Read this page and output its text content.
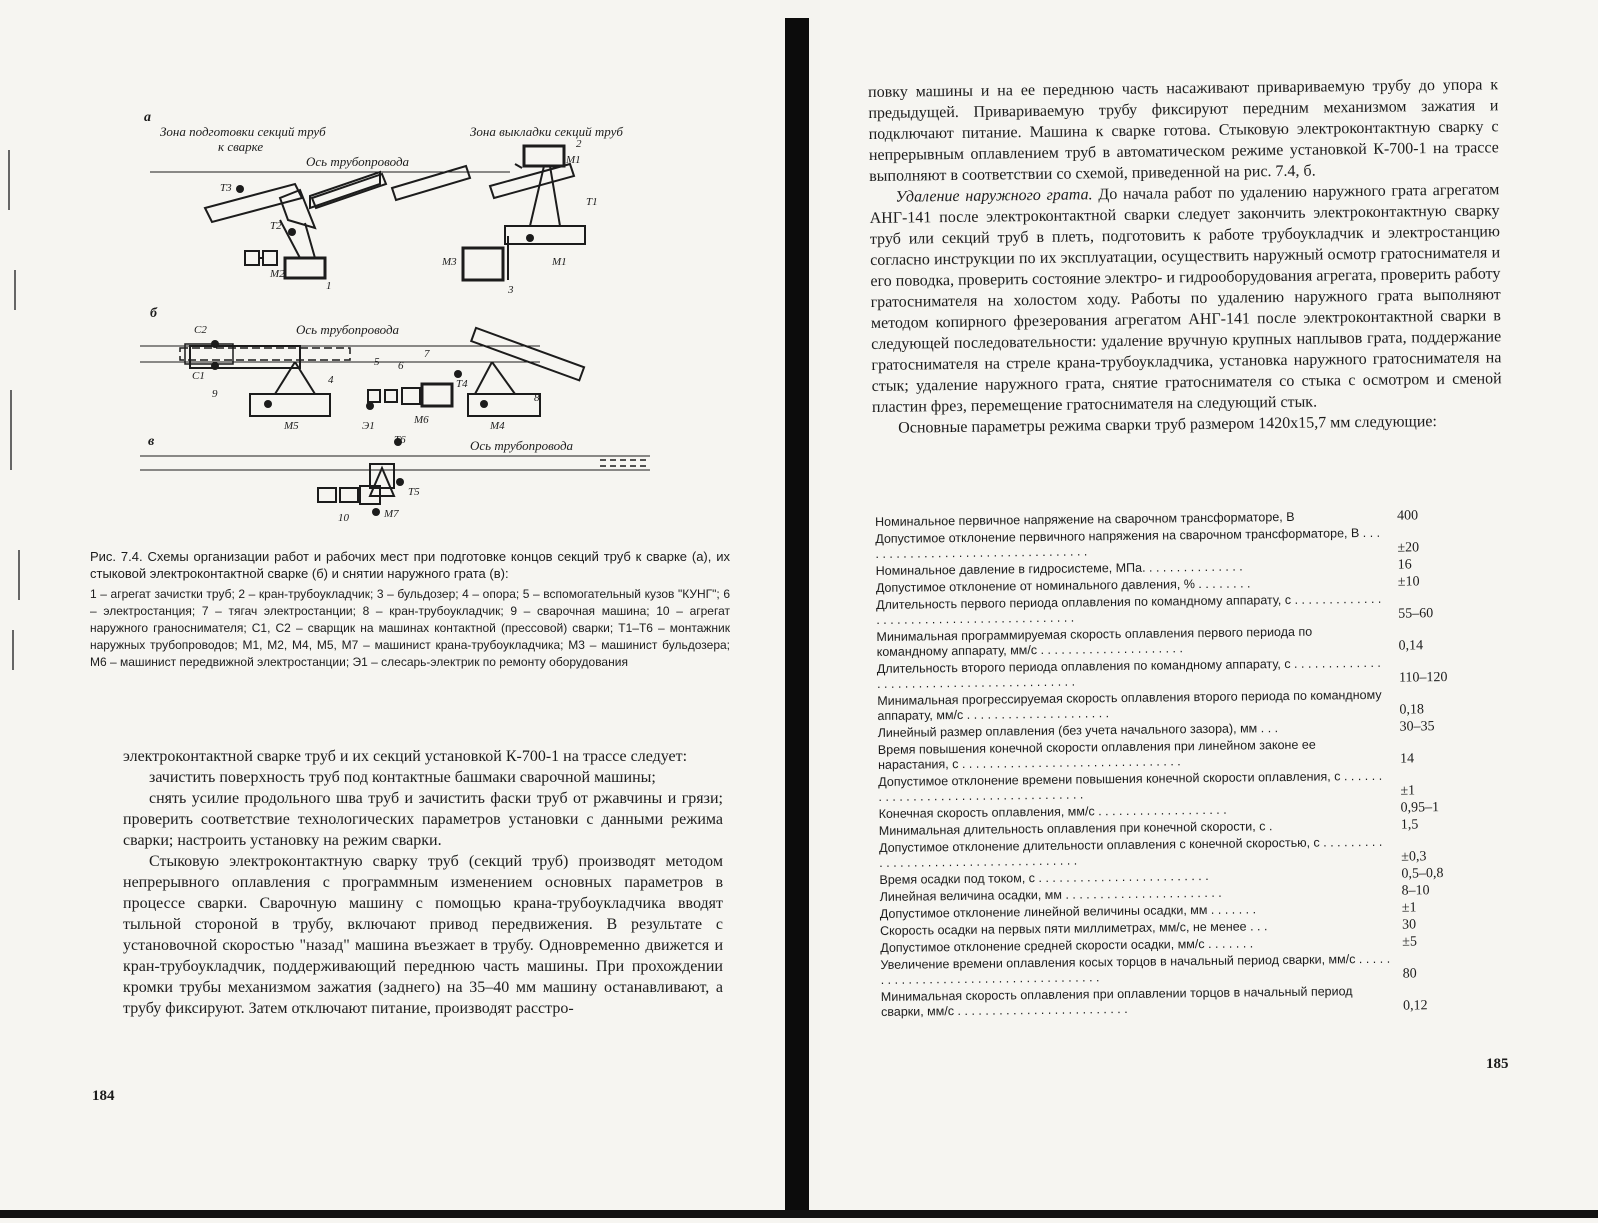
а
Зона подготовки секций труб
к сварке
Зона выкладки секций труб
Ось трубопровода
Т3
Т2
М2
1
Т1
М3	М1
2
М1
3
б
Ось трубопровода
С2
С1
9
4
5 6
7
Т4
8
М5	Э1	М6	М4
в	Ось трубопровода
Т6
Т5
10	М7
Рис. 7.4. Схемы организации работ и рабочих мест при подготовке концов секций труб к сварке (а), их стыковой электроконтактной сварке (б) и снятии наружного грата (в):
1 – агрегат зачистки труб; 2 – кран-трубоукладчик; 3 – бульдозер; 4 – опора; 5 – вспомогательный кузов "КУНГ"; 6 – электростанция; 7 – тягач электростанции; 8 – кран-трубоукладчик; 9 – сварочная машина; 10 – агрегат наружного граноснимателя; С1, С2 – сварщик на машинах контактной (прессовой) сварки; Т1–Т6 – монтажник наружных трубопроводов; М1, М2, М4, М5, М7 – машинист крана-трубоукладчика; М3 – машинист бульдозера; М6 – машинист передвижной электростанции; Э1 – слесарь-электрик по ремонту оборудования

электроконтактной сварке труб и их секций установкой К-700-1 на трассе следует:

зачистить поверхность труб под контактные башмаки сварочной машины;

снять усилие продольного шва труб и зачистить фаски труб от ржавчины и грязи; проверить соответствие технологических параметров установки с данными режима сварки; настроить установку на режим сварки.

Стыковую электроконтактную сварку труб (секций труб) производят методом непрерывного оплавления с программным изменением основных параметров в процессе сварки. Сварочную машину с помощью крана-трубоукладчика вводят тыльной стороной в трубу, включают привод передвижения. В результате с установочной скоростью "назад" машина въезжает в трубу. Одновременно движется и кран-трубоукладчик, поддерживающий переднюю часть машины. При прохождении кромки трубы механизмом зажатия (заднего) на 35–40 мм машину останавливают, а трубу фиксируют. Затем отключают питание, производят расстро-

184

повку машины и на ее переднюю часть насаживают привариваемую трубу до упора к предыдущей. Привариваемую трубу фиксируют передним механизмом зажатия и подключают питание. Машина к сварке готова. Стыковую электроконтактную сварку с непрерывным оплавлением труб в автоматическом режиме установкой К-700-1 на трассе выполняют в соответствии со схемой, приведенной на рис. 7.4, б.

Удаление наружного грата. До начала работ по удалению наружного грата агрегатом АНГ-141 после электроконтактной сварки следует закончить электроконтактную сварку труб или секций труб в плеть, подготовить к работе трубоукладчик и электростанцию согласно инструкции по их эксплуатации, осуществить наружный осмотр гратоснимателя и его поводка, проверить состояние электро- и гидрооборудования агрегата, проверить работу гратоснимателя на холостом ходу. Работы по удалению наружного грата выполняют методом копирного фрезерования агрегатом АНГ-141 после электроконтактной сварки в следующей последовательности: удаление вручную крупных наплывов грата, поддержание гратоснимателя на стреле крана-трубоукладчика, установка наружного гратоснимателя на стык; удаление наружного грата, снятие гратоснимателя со стыка с осмотром и сменой пластин фрез, перемещение гратоснимателя на следующий стык.

Основные параметры режима сварки труб размером 1420х15,7 мм следующие:

Номинальное первичное напряжение на сварочном трансформаторе, В	400
Допустимое отклонение первичного напряжения на сварочном трансформаторе, В . . . . . . . . . . . . . . . . . . . . . . . . . . . . . . . . . .	±20
Номинальное давление в гидросистеме, МПа. . . . . . . . . . . . . . .	16
Допустимое отклонение от номинального давления, % . . . . . . . .	±10
Длительность первого периода оплавления по командному аппарату, с . . . . . . . . . . . . . . . . . . . . . . . . . . . . . . . . . . . . . . . . . .	55–60
Минимальная программируемая скорость оплавления первого периода по командному аппарату, мм/с . . . . . . . . . . . . . . . . . . . . .	0,14
Длительность второго периода оплавления по командному аппарату, с . . . . . . . . . . . . . . . . . . . . . . . . . . . . . . . . . . . . . . . . . .	110–120
Минимальная прогрессируемая скорость оплавления второго периода по командному аппарату, мм/с . . . . . . . . . . . . . . . . . . . . .	0,18
Линейный размер оплавления (без учета начального зазора), мм . . .	30–35
Время повышения конечной скорости оплавления при линейном законе ее нарастания, с . . . . . . . . . . . . . . . . . . . . . . . . . . . . . . . .	14
Допустимое отклонение времени повышения конечной скорости оплавления, с . . . . . . . . . . . . . . . . . . . . . . . . . . . . . . . . . . . .	±1
Конечная скорость оплавления, мм/с . . . . . . . . . . . . . . . . . . .	0,95–1
Минимальная длительность оплавления при конечной скорости, с .	1,5
Допустимое отклонение длительности оплавления с конечной скоростью, с . . . . . . . . . . . . . . . . . . . . . . . . . . . . . . . . . . . . . .	±0,3
Время осадки под током, с . . . . . . . . . . . . . . . . . . . . . . . . .	0,5–0,8
Линейная величина осадки, мм . . . . . . . . . . . . . . . . . . . . . . .	8–10
Допустимое отклонение линейной величины осадки, мм . . . . . . .	±1
Скорость осадки на первых пяти миллиметрах, мм/с, не менее . . .	30
Допустимое отклонение средней скорости осадки, мм/с . . . . . . .	±5
Увеличение времени оплавления косых торцов в начальный период сварки, мм/с . . . . . . . . . . . . . . . . . . . . . . . . . . . . . . . . . . . . .	80
Минимальная скорость оплавления при оплавлении торцов в начальный период сварки, мм/с . . . . . . . . . . . . . . . . . . . . . . . . .	0,12
185
